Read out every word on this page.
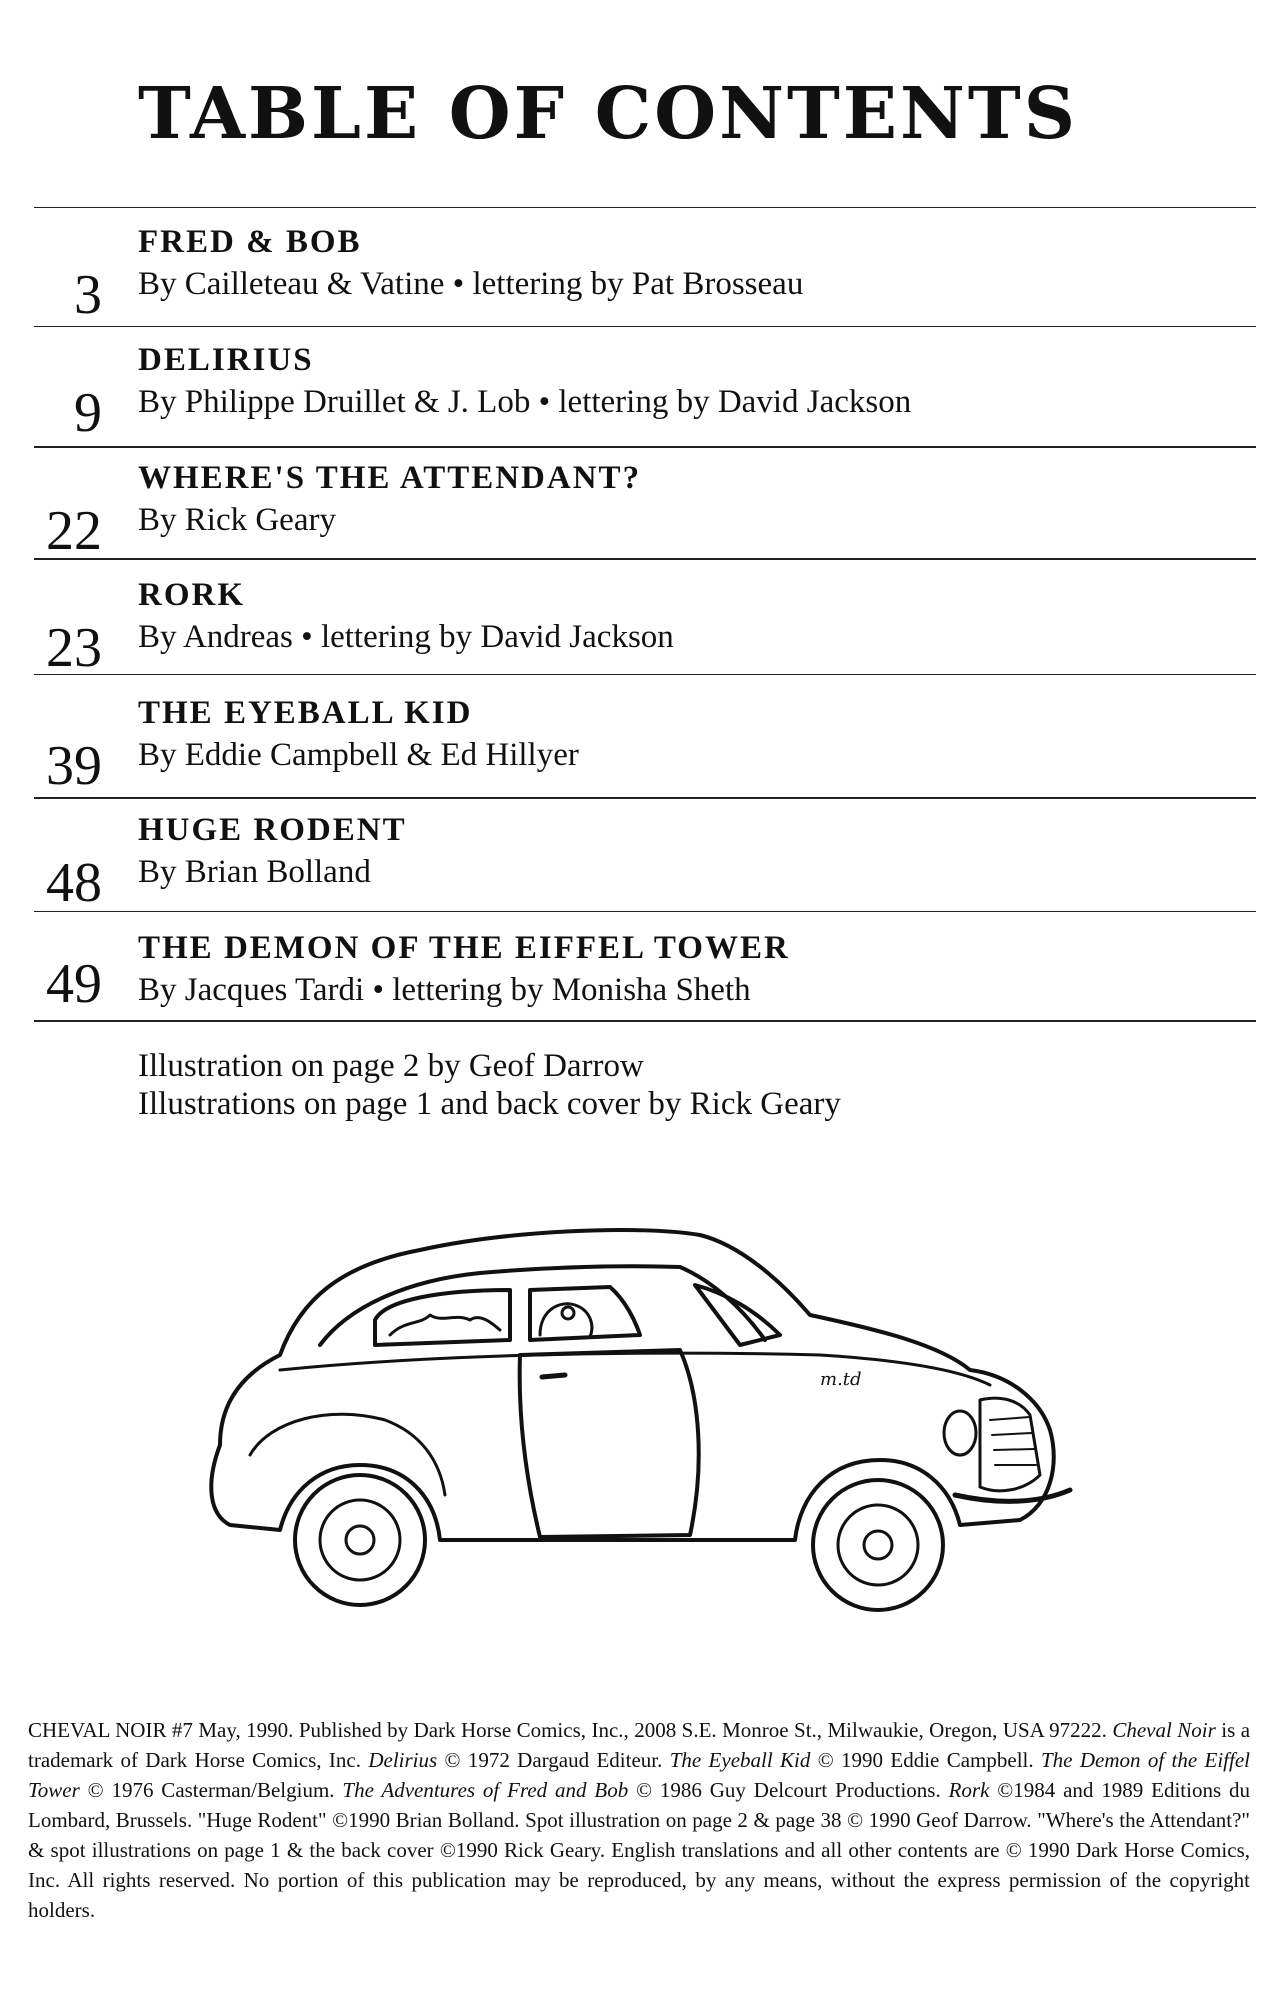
TABLE OF CONTENTS
3
FRED & BOB
By Cailleteau & Vatine • lettering by Pat Brosseau
9
DELIRIUS
By Philippe Druillet & J. Lob • lettering by David Jackson
22
WHERE'S THE ATTENDANT?
By Rick Geary
23
RORK
By Andreas • lettering by David Jackson
39
THE EYEBALL KID
By Eddie Campbell & Ed Hillyer
48
HUGE RODENT
By Brian Bolland
49
THE DEMON OF THE EIFFEL TOWER
By Jacques Tardi • lettering by Monisha Sheth
Illustration on page 2 by Geof Darrow
Illustrations on page 1 and back cover by Rick Geary
m.td

CHEVAL NOIR #7 May, 1990. Published by Dark Horse Comics, Inc., 2008 S.E. Monroe St., Milwaukie, Oregon, USA 97222. Cheval Noir is a trademark of Dark Horse Comics, Inc. Delirius © 1972 Dargaud Editeur. The Eyeball Kid © 1990 Eddie Campbell. The Demon of the Eiffel Tower © 1976 Casterman/Belgium. The Adventures of Fred and Bob © 1986 Guy Delcourt Productions. Rork ©1984 and 1989 Editions du Lombard, Brussels. "Huge Rodent" ©1990 Brian Bolland. Spot illustration on page 2 & page 38 © 1990 Geof Darrow. "Where's the Attendant?" & spot illustrations on page 1 & the back cover ©1990 Rick Geary. English translations and all other contents are © 1990 Dark Horse Comics, Inc. All rights reserved. No portion of this publication may be reproduced, by any means, without the express permission of the copyright holders.
